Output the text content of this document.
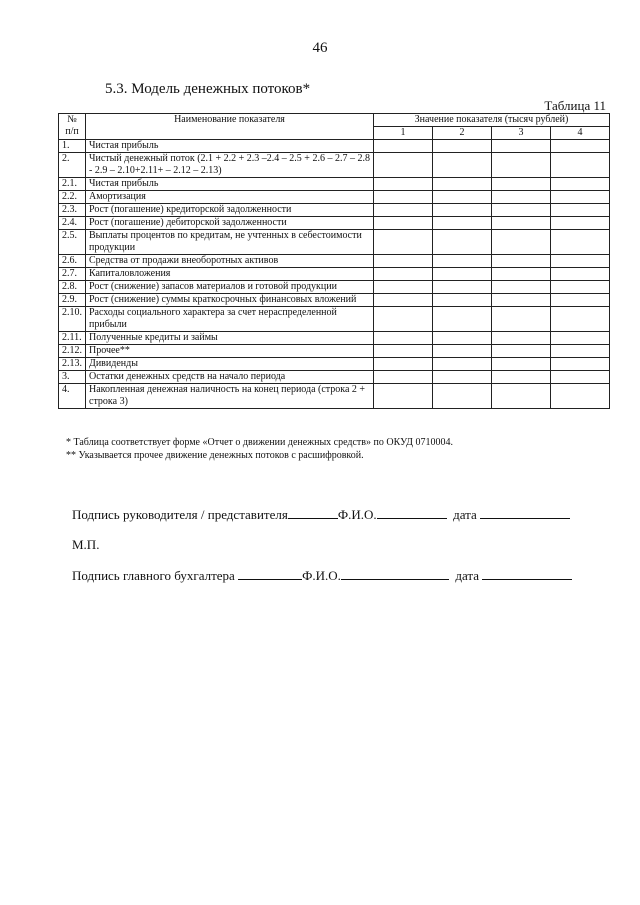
46
5.3. Модель денежных потоков*
Таблица 11
№ п/п	Наименование показателя	Значение показателя (тысяч рублей)			
		1	2	3	4
1.	Чистая прибыль				
2.	Чистый денежный поток (2.1 + 2.2 + 2.3 –2.4 – 2.5 + 2.6 – 2.7 – 2.8 - 2.9 – 2.10+2.11+ – 2.12 – 2.13)				
2.1.	Чистая прибыль				
2.2.	Амортизация				
2.3.	Рост (погашение) кредиторской задолженности				
2.4.	Рост (погашение) дебиторской задолженности				
2.5.	Выплаты процентов по кредитам, не учтенных в себестоимости продукции				
2.6.	Средства от продажи внеоборотных активов				
2.7.	Капиталовложения				
2.8.	Рост (снижение) запасов материалов и готовой продукции				
2.9.	Рост (снижение) суммы краткосрочных финансовых вложений				
2.10.	Расходы социального характера за счет нераспределенной прибыли				
2.11.	Полученные кредиты и займы				
2.12.	Прочее**				
2.13.	Дивиденды				
3.	Остатки денежных средств на начало периода				
4.	Накопленная денежная наличность на конец периода (строка 2 + строка 3)				
* Таблица соответствует форме «Отчет о движении денежных средств» по ОКУД 0710004.
** Указывается прочее движение денежных потоков с расшифровкой.
Подпись руководителя / представителя	Ф.И.О.	дата
М.П.
Подпись главного бухгалтера	Ф.И.О.	дата
